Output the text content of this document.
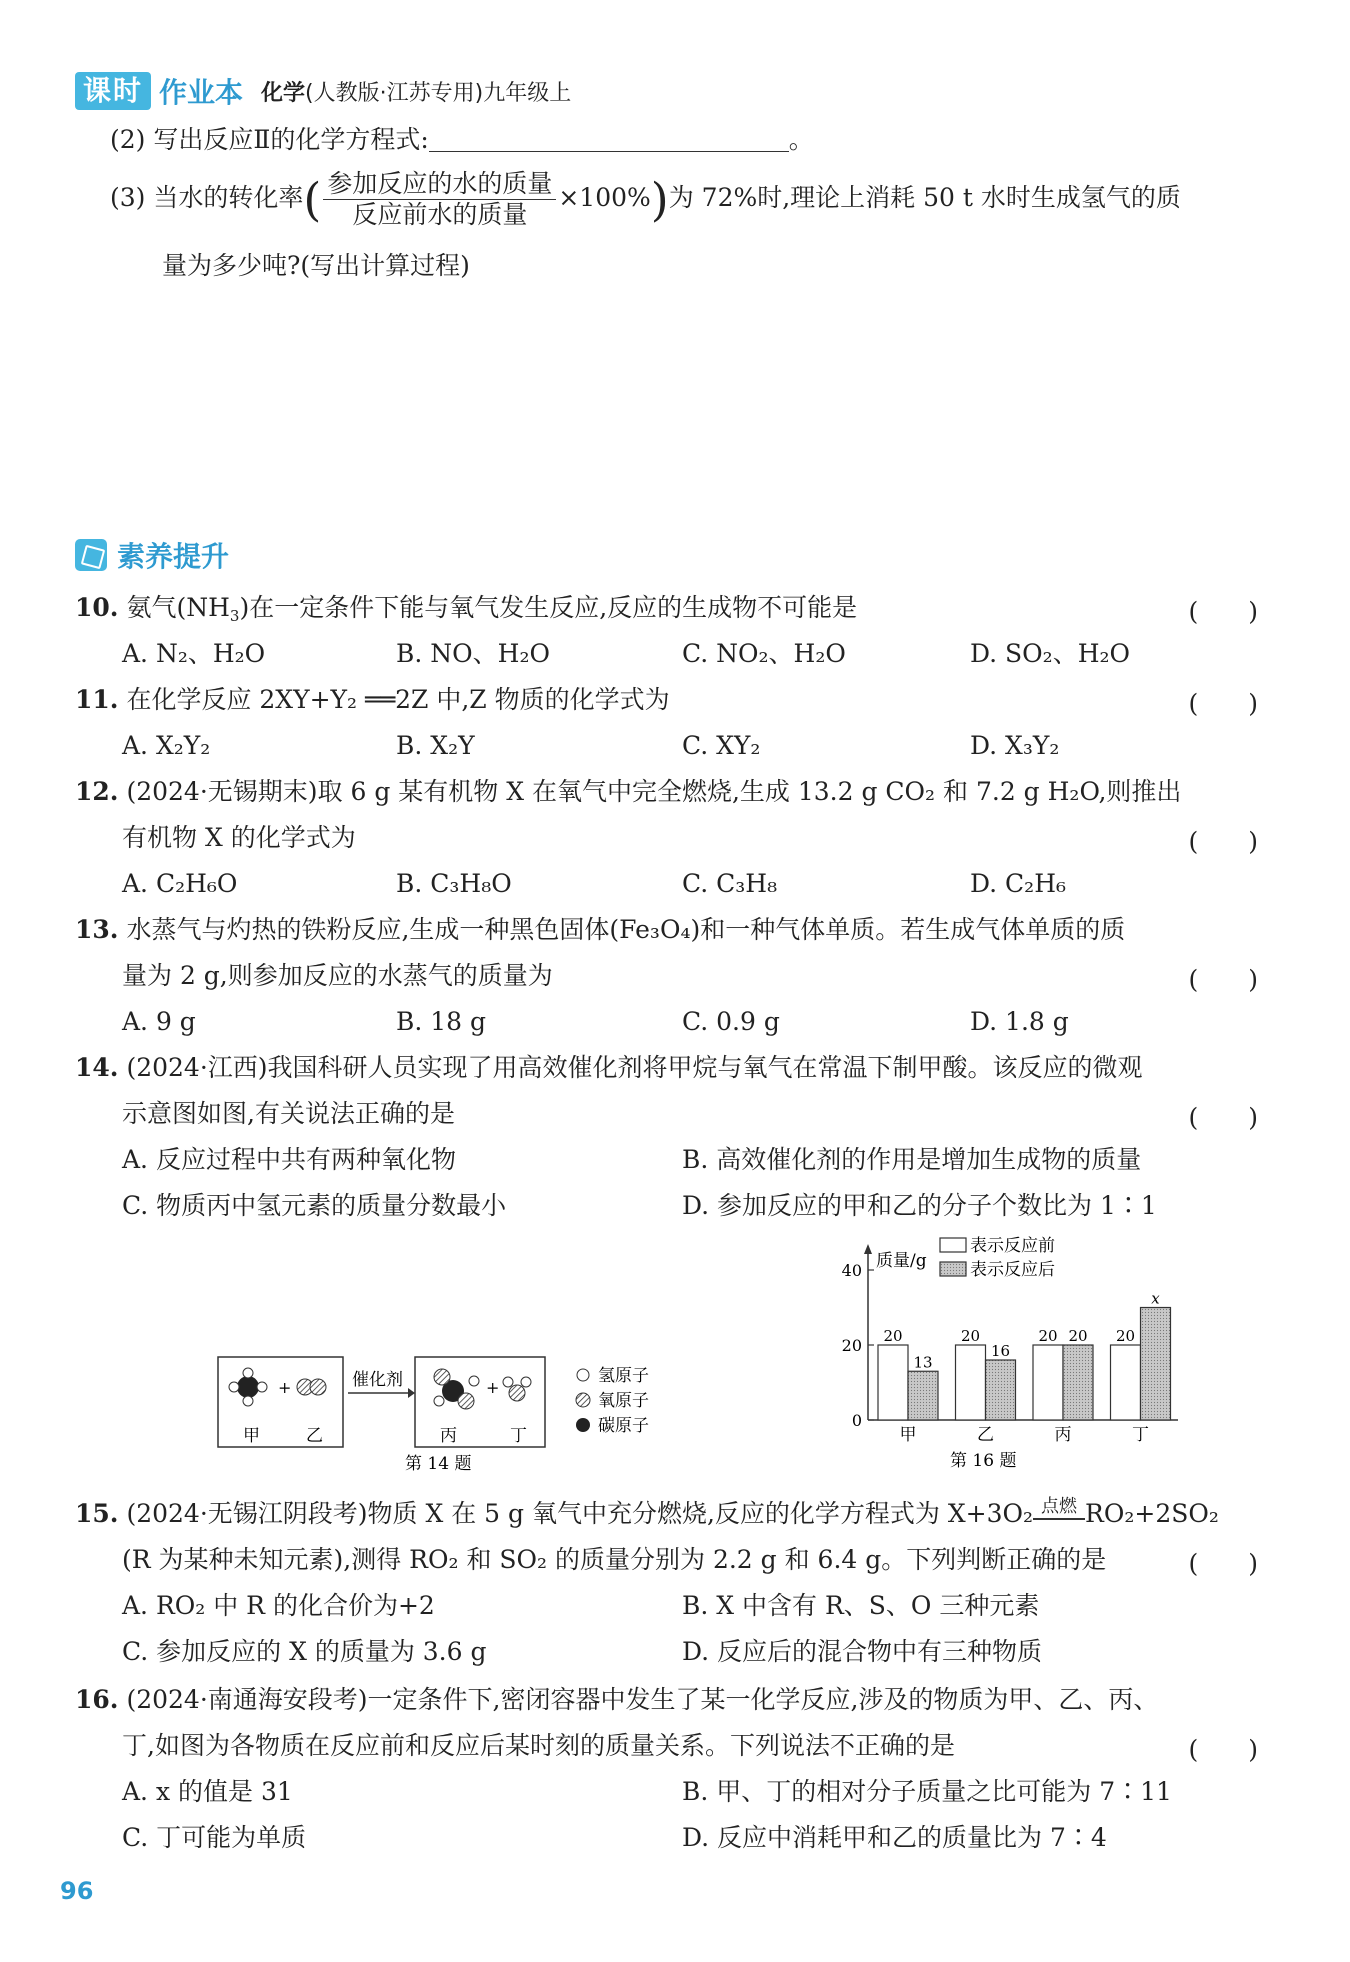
课时 作业本 化学(人教版·江苏专用)九年级上
(2) 写出反应Ⅱ的化学方程式:	。
(3) 当水的转化率( $\frac{\text{参加反应的水的质量}}{\text{反应前水的质量}} \times 100\%$)为 72%时,理论上消耗 50 t 水时生成氢气的质
量为多少吨?(写出计算过程)
素养提升
10. 氨气$(NH_3)$在一定条件下能与氧气发生反应,反应的生成物不可能是	(　　)
A. N₂、H₂O	B. NO、H₂O	C. NO₂、H₂O	D. SO₂、H₂O
11. 在化学反应 2XY+Y₂ ══2Z 中,Z 物质的化学式为	(　　)
A. X₂Y₂	B. X₂Y	C. XY₂	D. X₃Y₂
12. (2024·无锡期末)取 6 g 某有机物 X 在氧气中完全燃烧,生成 13.2 g CO₂ 和 7.2 g H₂O,则推出
有机物 X 的化学式为	(　　)
A. C₂H₆O	B. C₃H₈O	C. C₃H₈	D. C₂H₆
13. 水蒸气与灼热的铁粉反应,生成一种黑色固体(Fe₃O₄)和一种气体单质。若生成气体单质的质
量为 2 g,则参加反应的水蒸气的质量为	(　　)
A. 9 g	B. 18 g	C. 0.9 g	D. 1.8 g
14. (2024·江西)我国科研人员实现了用高效催化剂将甲烷与氧气在常温下制甲酸。该反应的微观
示意图如图,有关说法正确的是	(　　)
A. 反应过程中共有两种氧化物	B. 高效催化剂的作用是增加生成物的质量
C. 物质丙中氢元素的质量分数最小	D. 参加反应的甲和乙的分子个数比为 1∶1
+
甲	乙
催化剂	+
丙	丁
氢原子
氧原子
碳原子
第 14 题
质量/g
0
20
40
20
13
甲
20
16
乙
20 20
丙
20
x
丁
表示反应前
表示反应后
第 16 题
15. (2024·无锡江阴段考)物质 X 在 5 g 氧气中充分燃烧,反应的化学方程式为 X+3O₂ 点燃 RO₂+2SO₂
(R 为某种未知元素),测得 RO₂ 和 SO₂ 的质量分别为 2.2 g 和 6.4 g。下列判断正确的是	(　　)
A. RO₂ 中 R 的化合价为+2	B. X 中含有 R、S、O 三种元素
C. 参加反应的 X 的质量为 3.6 g	D. 反应后的混合物中有三种物质
16. (2024·南通海安段考)一定条件下,密闭容器中发生了某一化学反应,涉及的物质为甲、乙、丙、
丁,如图为各物质在反应前和反应后某时刻的质量关系。下列说法不正确的是	(　　)
A. x 的值是 31	B. 甲、丁的相对分子质量之比可能为 7∶11
C. 丁可能为单质	D. 反应中消耗甲和乙的质量比为 7∶4
96
